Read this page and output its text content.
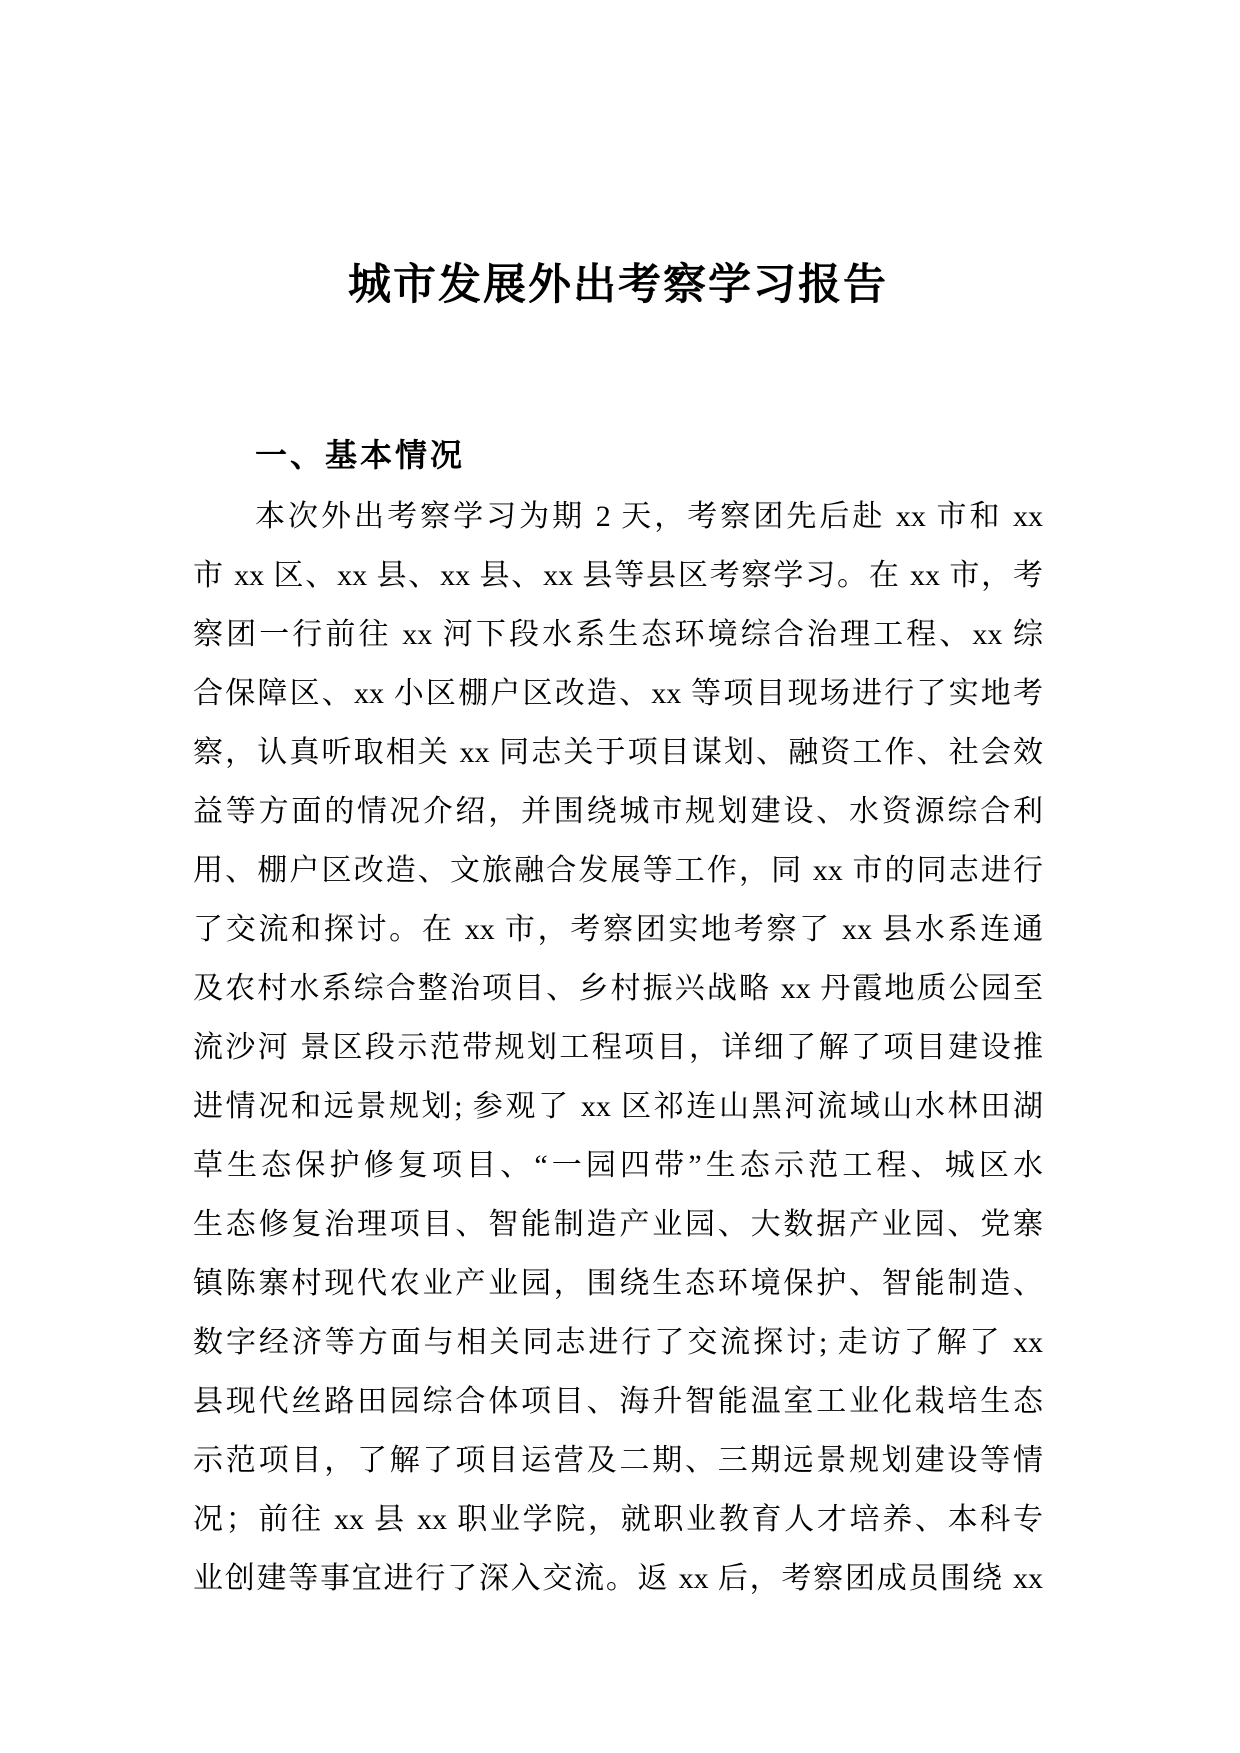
城市发展外出考察学习报告
一、基本情况
本次外出考察学习为期 2 天，考察团先后赴 xx 市和 xx
市 xx 区、xx 县、xx 县、xx 县等县区考察学习。在 xx 市，考
察团一行前往 xx 河下段水系生态环境综合治理工程、xx 综
合保障区、xx 小区棚户区改造、xx 等项目现场进行了实地考
察，认真听取相关 xx 同志关于项目谋划、融资工作、社会效
益等方面的情况介绍，并围绕城市规划建设、水资源综合利
用、棚户区改造、文旅融合发展等工作，同 xx 市的同志进行
了交流和探讨。在 xx 市，考察团实地考察了 xx 县水系连通
及农村水系综合整治项目、乡村振兴战略 xx 丹霞地质公园至
流沙河 景区段示范带规划工程项目，详细了解了项目建设推
进情况和远景规划; 参观了 xx 区祁连山黑河流域山水林田湖
草生态保护修复项目、“一园四带”生态示范工程、城区水
生态修复治理项目、智能制造产业园、大数据产业园、党寨
镇陈寨村现代农业产业园，围绕生态环境保护、智能制造、
数字经济等方面与相关同志进行了交流探讨; 走访了解了 xx
县现代丝路田园综合体项目、海升智能温室工业化栽培生态
示范项目，了解了项目运营及二期、三期远景规划建设等情
况；前往 xx 县 xx 职业学院，就职业教育人才培养、本科专
业创建等事宜进行了深入交流。返 xx 后，考察团成员围绕 xx
